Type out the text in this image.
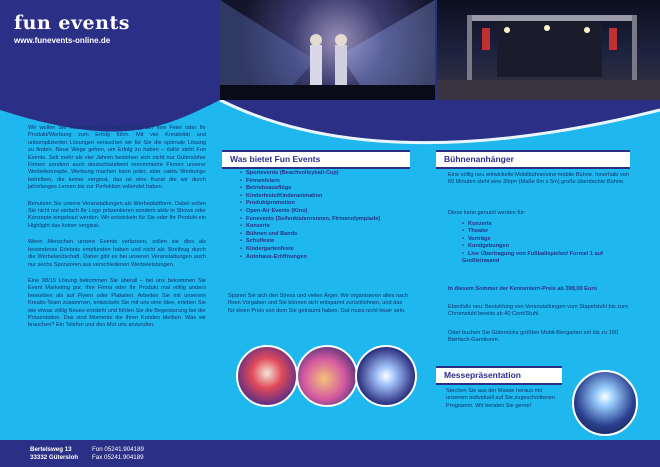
fun events
www.funevents-online.de

Wir wollen Sie mitnehmen auf einem Weg, der Ihre Feier oder Ihr Produkt/Werbung zum Erfolg führt. Mit viel Kreativität und unkomplizierten Lösungen versuchen wir für Sie die optimale Lösung zu finden. Neue Wege gehen, um Erfolg zu haben – dafür steht Fun Events. Seit mehr als vier Jahren bestehen sich nicht nur Gütersloher Firmen sondern auch deutschlandweit renommierte Firmen unserer Werbekonzepte. Werbung machen kann jeder, aber »aktiv Werbung« betreiben, die keiner vergisst, das ist eine Kunst die wir durch jahrelanges Lernen bis zur Perfektion vollendet haben.

Benutzen Sie unsere Veranstaltungen als Werbeplattform. Dabei sollen Sie nicht nur einfach Ihr Logo präsentieren sondern aktiv in Shows oder Konzepte eingebaut werden. Wir entwickeln für Sie oder Ihr Produkt ein Highlight das keiner vergisst.

Wenn Menschen unsere Events verlassen, sollen sie dies als besonderes Erlebnis empfunden haben und nicht als Streifzug durch die Werbelandschaft. Daher gibt es bei unseren Veranstaltungen auch nur sechs Sponsoren aus verschiedenen Werbeleistungen.

Eine 08/15 Lösung bekommen Sie überall – bei uns bekommen Sie Event Marketing pur. Ihre Firma oder Ihr Produkt mal völlig anders beworben als auf Flyern oder Plakaten. Arbeiten Sie mit unserem Kreativ-Team zusammen, entwickeln Sie mit uns eine Idee, erleben Sie wie etwas völlig Neues entsteht und fühlen Sie die Begeisterung bei der Präsentation. Das sind Momente die Ihren Kunden bleiben. Was wir brauchen? Ein Telefon und den Mut uns anzurufen.

Was bietet Fun Events
• Sportevents (Beachvolleyball-Cup)
• Firmenfeiern
• Betriebsausflüge
• Kinderfeste/Kinderanimation
• Produktpromotion
• Open-Air Events (Kino)
• Funevents (Seifenkistenrennen, Firmenolympiade)
• Konzerte
• Bühnen und Bands
• Schulfeste
• Kindergartenfeste
• Autohaus-Eröffnungen

Sparen Sie sich den Stress und vielen Ärger. Wir organisieren alles nach Ihren Vorgaben und Sie können sich entspannt zurücklehnen, und das für einen Preis von dem Sie geträumt haben. Gut muss nicht teuer sein.

Bühnenanhänger

Eine völlig neu entwickelte Mobilbühne/eine mobile Bühne. Innerhalb von 60 Minuten steht eine 30qm (Maße 6m x 5m) große überdachte Bühne.

Diese kann genutzt werden für:

• Konzerte
• Theater
• Vorträge
• Kundgebungen
• Live Übertragung von Fußballspielen/ Formel 1 auf Großleinwand

In diesem Sommer der Kennenlern-Preis ab 399,00 Euro

Ebenfalls neu: Bestuhlung von Veranstaltungen vom Stapelstuhl bis zum Chromstuhl bereits ab 40 Cent/Stuhl.

Oder buchen Sie Güterslohs größten Mobil-Biergarten mit bis zu 150 Biertisch-Garnituren.

Messepräsentation

Stechen Sie aus der Masse heraus mit unserem individuell auf Sie zugeschnittenen Programm. Wir beraten Sie gerne!

Bertelsweg 13
33332 Gütersloh
Fon 05241.904189
Fax 05241.904189
